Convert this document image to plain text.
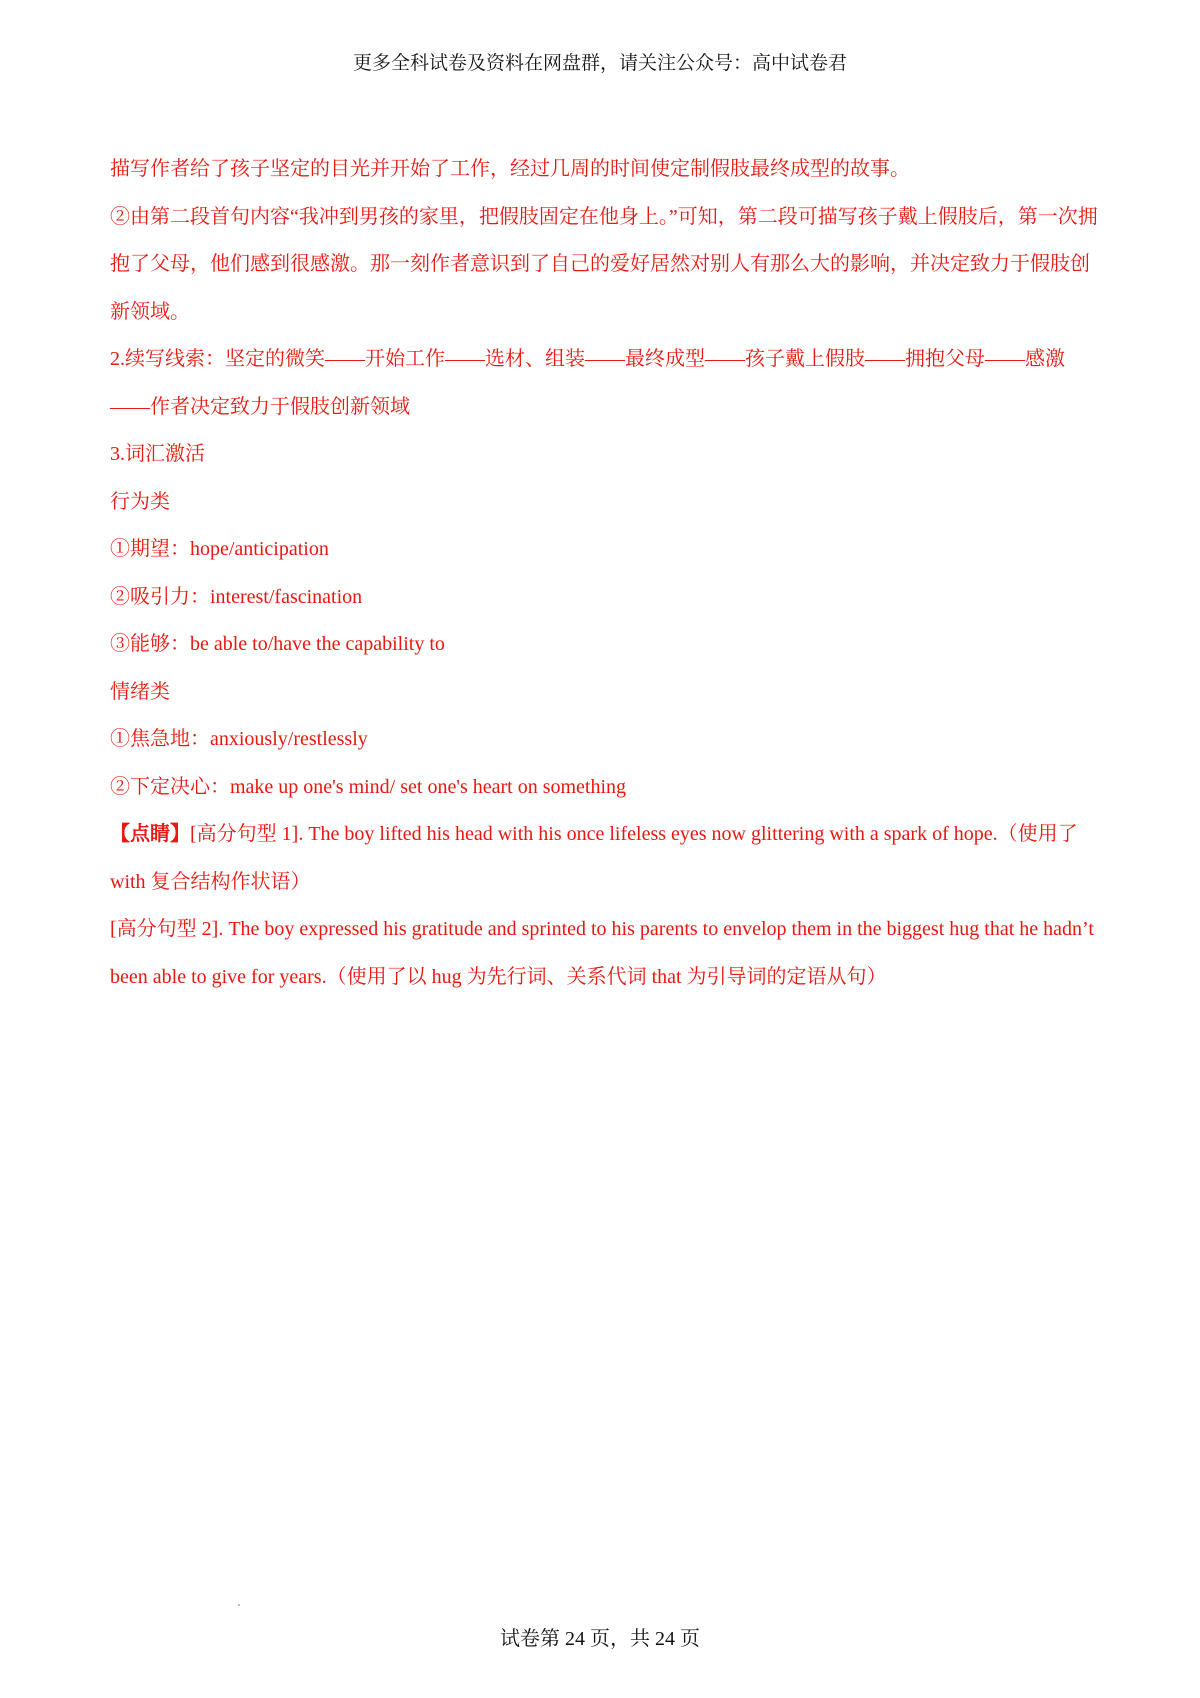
更多全科试卷及资料在网盘群，请关注公众号：高中试卷君

描写作者给了孩子坚定的目光并开始了工作，经过几周的时间使定制假肢最终成型的故事。

②由第二段首句内容“我冲到男孩的家里，把假肢固定在他身上。”可知，第二段可描写孩子戴上假肢后，第一次拥抱了父母，他们感到很感激。那一刻作者意识到了自己的爱好居然对别人有那么大的影响，并决定致力于假肢创新领域。

2.续写线索：坚定的微笑——开始工作——选材、组装——最终成型——孩子戴上假肢——拥抱父母——感激——作者决定致力于假肢创新领域

3.词汇激活

行为类

①期望：hope/anticipation

②吸引力：interest/fascination

③能够：be able to/have the capability to

情绪类

①焦急地：anxiously/restlessly

②下定决心：make up one's mind/ set one's heart on something

【点睛】[高分句型 1]. The boy lifted his head with his once lifeless eyes now glittering with a spark of hope.（使用了 with 复合结构作状语）

[高分句型 2]. The boy expressed his gratitude and sprinted to his parents to envelop them in the biggest hug that he hadn’t been able to give for years.（使用了以 hug 为先行词、关系代词 that 为引导词的定语从句）

试卷第 24 页，共 24 页
